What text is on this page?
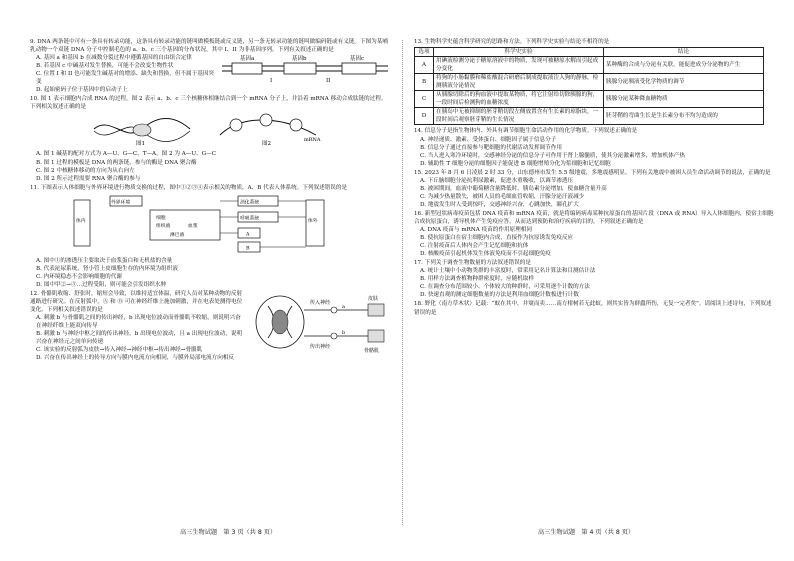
9. DNA 两条链中可有一条具有转录功能，这条具有转录功能的链叫做模板链或反义链，另一条无转录功能的链叫做编码链或有义链。下图为某哺乳动物一个双链 DNA 分子中控制毛色的 a、b、c 三个基因的分布状况，其中 I、II 为非基因序列。下列有关叙述正确的是

基因a	基因b	基因c
I	II

A. 基因 a 和基因 b 在减数分裂过程中遵循基因的自由组合定律

B. 若基因 c 中碱基对发生替换，可能不会改变生物性状

C. 位置 I 和 II 也可能发生碱基对的增添、缺失和替换，但不属于基因突变

D. 起始密码子位于基因中的启动子上

10. 图 1 表示细胞内合成 RNA 的过程，图 2 表示 a、b、c 三个核糖体相继结合到一个 mRNA 分子上，并沿着 mRNA 移动合成肽链的过程。下列相关叙述正确的是

图1
mRNA
图2

A. 图 1 碱基的配对方式为 A—U、G—C、T—A，图 2 为 A—U、G—C

B. 图 1 过程的模板是 DNA 的两条链，参与的酶是 DNA 聚合酶

C. 图 2 中核糖体移动的方向为从右向左

D. 图 2 所示过程需要 RNA 聚合酶的参与

11. 下图表示人体细胞与外界环境进行物质交换的过程，图中①②③④表示相关的物质，A、B 代表人体系统。下列叙述错误的是

外界环境	消化系统
呼吸系统
A
B
细胞
组织液	血浆
淋巴液
体外
体内

A. 图中①的渗透压主要取决于血浆蛋白和无机盐的含量

B. 代表泌尿系统，肾小管上皮细胞生存的内环境为组织液

C. 内环境稳态不会影响细胞的代谢

D. 图中甲②→③…过程受阻，则可能会引发组织水肿

传入神经
传出神经
皮肤
骨骼肌
a
b

12. 骨骼肌收缩、舒张时，缩短会导致，以维持适宜体温，研究人员对某种动物的反射通路进行研究。在反射弧中，Ⓐ 和 Ⓑ 可在神经纤维上施加刺激，并在电表处测得电位变化。下列相关叙述错误的是

A. 刺激 b 与骨骼肌之间的传出神经，b 出现电位波动而骨骼肌不收缩，则说明兴奋在神经纤维上能双向传导

B. 刺激 b 与神经中枢之间的传出神经，b 出现电位波动，且 a 出现电位波动，说明兴奋在神经元之间单向传递

C. 该实验的反射弧为皮肤→传入神经→神经中枢→传出神经→骨骼肌

D. 兴奋在传出神经上的传导方向与膜内电流方向相同，与膜外局部电流方向相反

高三生物试题　第 3 页（共 8 页）

13. 生物科学史蕴含科学研究的思路和方法。下列科学史实验与结论不相符的是

选项	科学史实验	结论
A	用碘液检测分泌于糖原溶液中的物质，发现可被糖原水解而引起成分变化	某种酶的合成与分泌有关联，能促进成分分泌物的产生
B	将狗的小肠黏膜和稀盐酸混合研磨后制成提取液注入狗的静脉，检测胰液分泌情况	胰腺分泌胰液受化学物质的调节
C	从胰腺切除后的狗血液中提取某物质，将它注射给切除胰腺的狗，一段时间后检测狗的血糖浓度	胰腺分泌某种降血糖物质
D	在胰岛中无被抑制的胚芽鞘切段左侧放置含有生长素的琼脂块，一段时间后观察胚芽鞘的生长情况	胚芽鞘的弯曲生长是生长素分布不均匀造成的

14. 信息分子是指生物体内、外具有调节细胞生命活动作用的化学物质。下列叙述正确的是

A. 神经递质、激素、受体蛋白、细胞因子属于信息分子

B. 信息分子通过直接参与靶细胞的代谢活动发挥调节作用

C. 当人进入寒冷环境时，交感神经分泌的信息分子可作用于肾上腺髓质，使其分泌激素增多，增加机体产热

D. 辅助性 T 细胞分泌的细胞因子能促进 B 细胞增殖分化为浆细胞和记忆细胞

15. 2023 年 8 月 6 日凌晨 2 时 33 分，山东德州市发生 5.5 级地震，多地震感明显。下列有关地震中被困人员生命活动调节的说法，正确的是

A. 下丘脑细胞分泌抗利尿激素，促进水重吸收，以调节渗透压

B. 被困期间，血液中葡萄糖含量降低时，胰岛素分泌增加，使血糖含量升高

C. 为减少热量散失，被困人员的毛细血管收缩，汗腺分泌汗液减少

D. 地震发生时人受到惊吓，交感神经兴奋，心跳加快，瞳孔扩大

16. 新型冠状病毒疫苗包括 DNA 疫苗和 mRNA 疫苗，就是将编码病毒某种抗原蛋白的基因片段（DNA 或 RNA）导入人体细胞内，使宿主细胞合成抗原蛋白，诱导机体产生免疫应答，从而达到预防和治疗疾病的目的。下列叙述正确的是

A. DNA 疫苗与 mRNA 疫苗的作用原理相同

B. 使抗原蛋白在宿主细胞内合成，直接作为抗原诱发免疫反应

C. 注射疫苗后人体内会产生记忆细胞和抗体

D. 核酸疫苗引起机体发生体液免疫而不引起细胞免疫

17. 下列关于调查生物数量的方法叙述错误的是

A. 统计土壤中小动物类群的丰富度时，常采用记名计算法和目测估计法

B. 用样方法调查植物种群密度时，应随机取样

C. 在调查分布范围较小、个体较大的种群时，可采用逐个计数的方法

D. 快速直观的测定细胞数量的方法是利用血细胞计数板进行计数

18. 野化（南方草木状）记载：“蚁在其中，并窠而卖……南方柑树若无此蚁，则其实皆为群蠹所伤，无复一完者矣”。请阅读上述诗句，下列叙述错误的是

高三生物试题　第 4 页（共 8 页）
